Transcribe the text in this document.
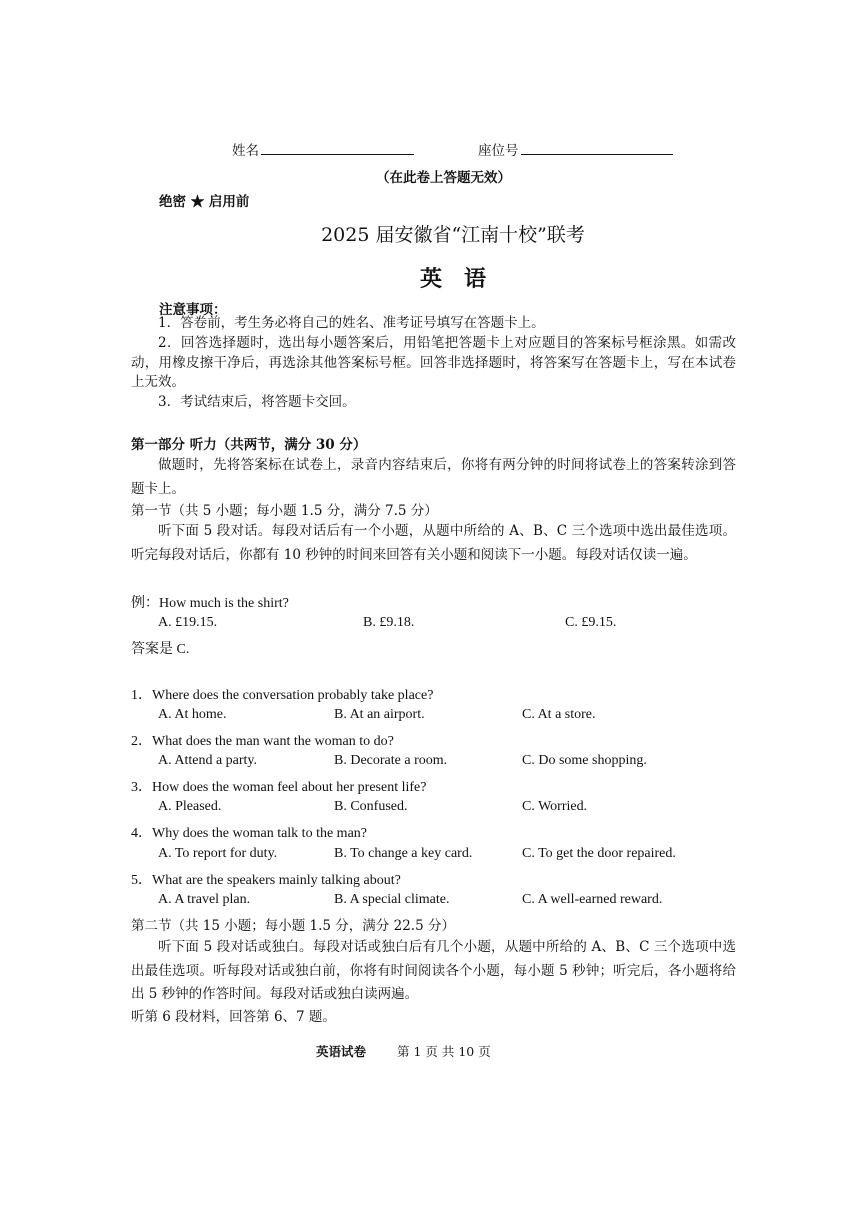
姓名	座位号
（在此卷上答题无效）
绝密 ★ 启用前
2025 届安徽省“江南十校”联考
英　语
注意事项：
1．答卷前，考生务必将自己的姓名、准考证号填写在答题卡上。
2．回答选择题时，选出每小题答案后，用铅笔把答题卡上对应题目的答案标号框涂黑。如需改动，用橡皮擦干净后，再选涂其他答案标号框。回答非选择题时，将答案写在答题卡上，写在本试卷上无效。
3．考试结束后，将答题卡交回。
第一部分 听力（共两节，满分 30 分）
做题时，先将答案标在试卷上，录音内容结束后，你将有两分钟的时间将试卷上的答案转涂到答题卡上。
第一节（共 5 小题；每小题 1.5 分，满分 7.5 分）
听下面 5 段对话。每段对话后有一个小题，从题中所给的 A、B、C 三个选项中选出最佳选项。听完每段对话后，你都有 10 秒钟的时间来回答有关小题和阅读下一小题。每段对话仅读一遍。
例：How much is the shirt?
A. £19.15.	B. £9.18.	C. £9.15.
答案是 C.
1．Where does the conversation probably take place?
A. At home.	B. At an airport.	C. At a store.
2．What does the man want the woman to do?
A. Attend a party.	B. Decorate a room.	C. Do some shopping.
3．How does the woman feel about her present life?
A. Pleased.	B. Confused.	C. Worried.
4．Why does the woman talk to the man?
A. To report for duty.	B. To change a key card.	C. To get the door repaired.
5．What are the speakers mainly talking about?
A. A travel plan.	B. A special climate.	C. A well-earned reward.
第二节（共 15 小题；每小题 1.5 分，满分 22.5 分）
听下面 5 段对话或独白。每段对话或独白后有几个小题，从题中所给的 A、B、C 三个选项中选出最佳选项。听每段对话或独白前，你将有时间阅读各个小题，每小题 5 秒钟；听完后，各小题将给出 5 秒钟的作答时间。每段对话或独白读两遍。
听第 6 段材料，回答第 6、7 题。
英语试卷 第 1 页 共 10 页
